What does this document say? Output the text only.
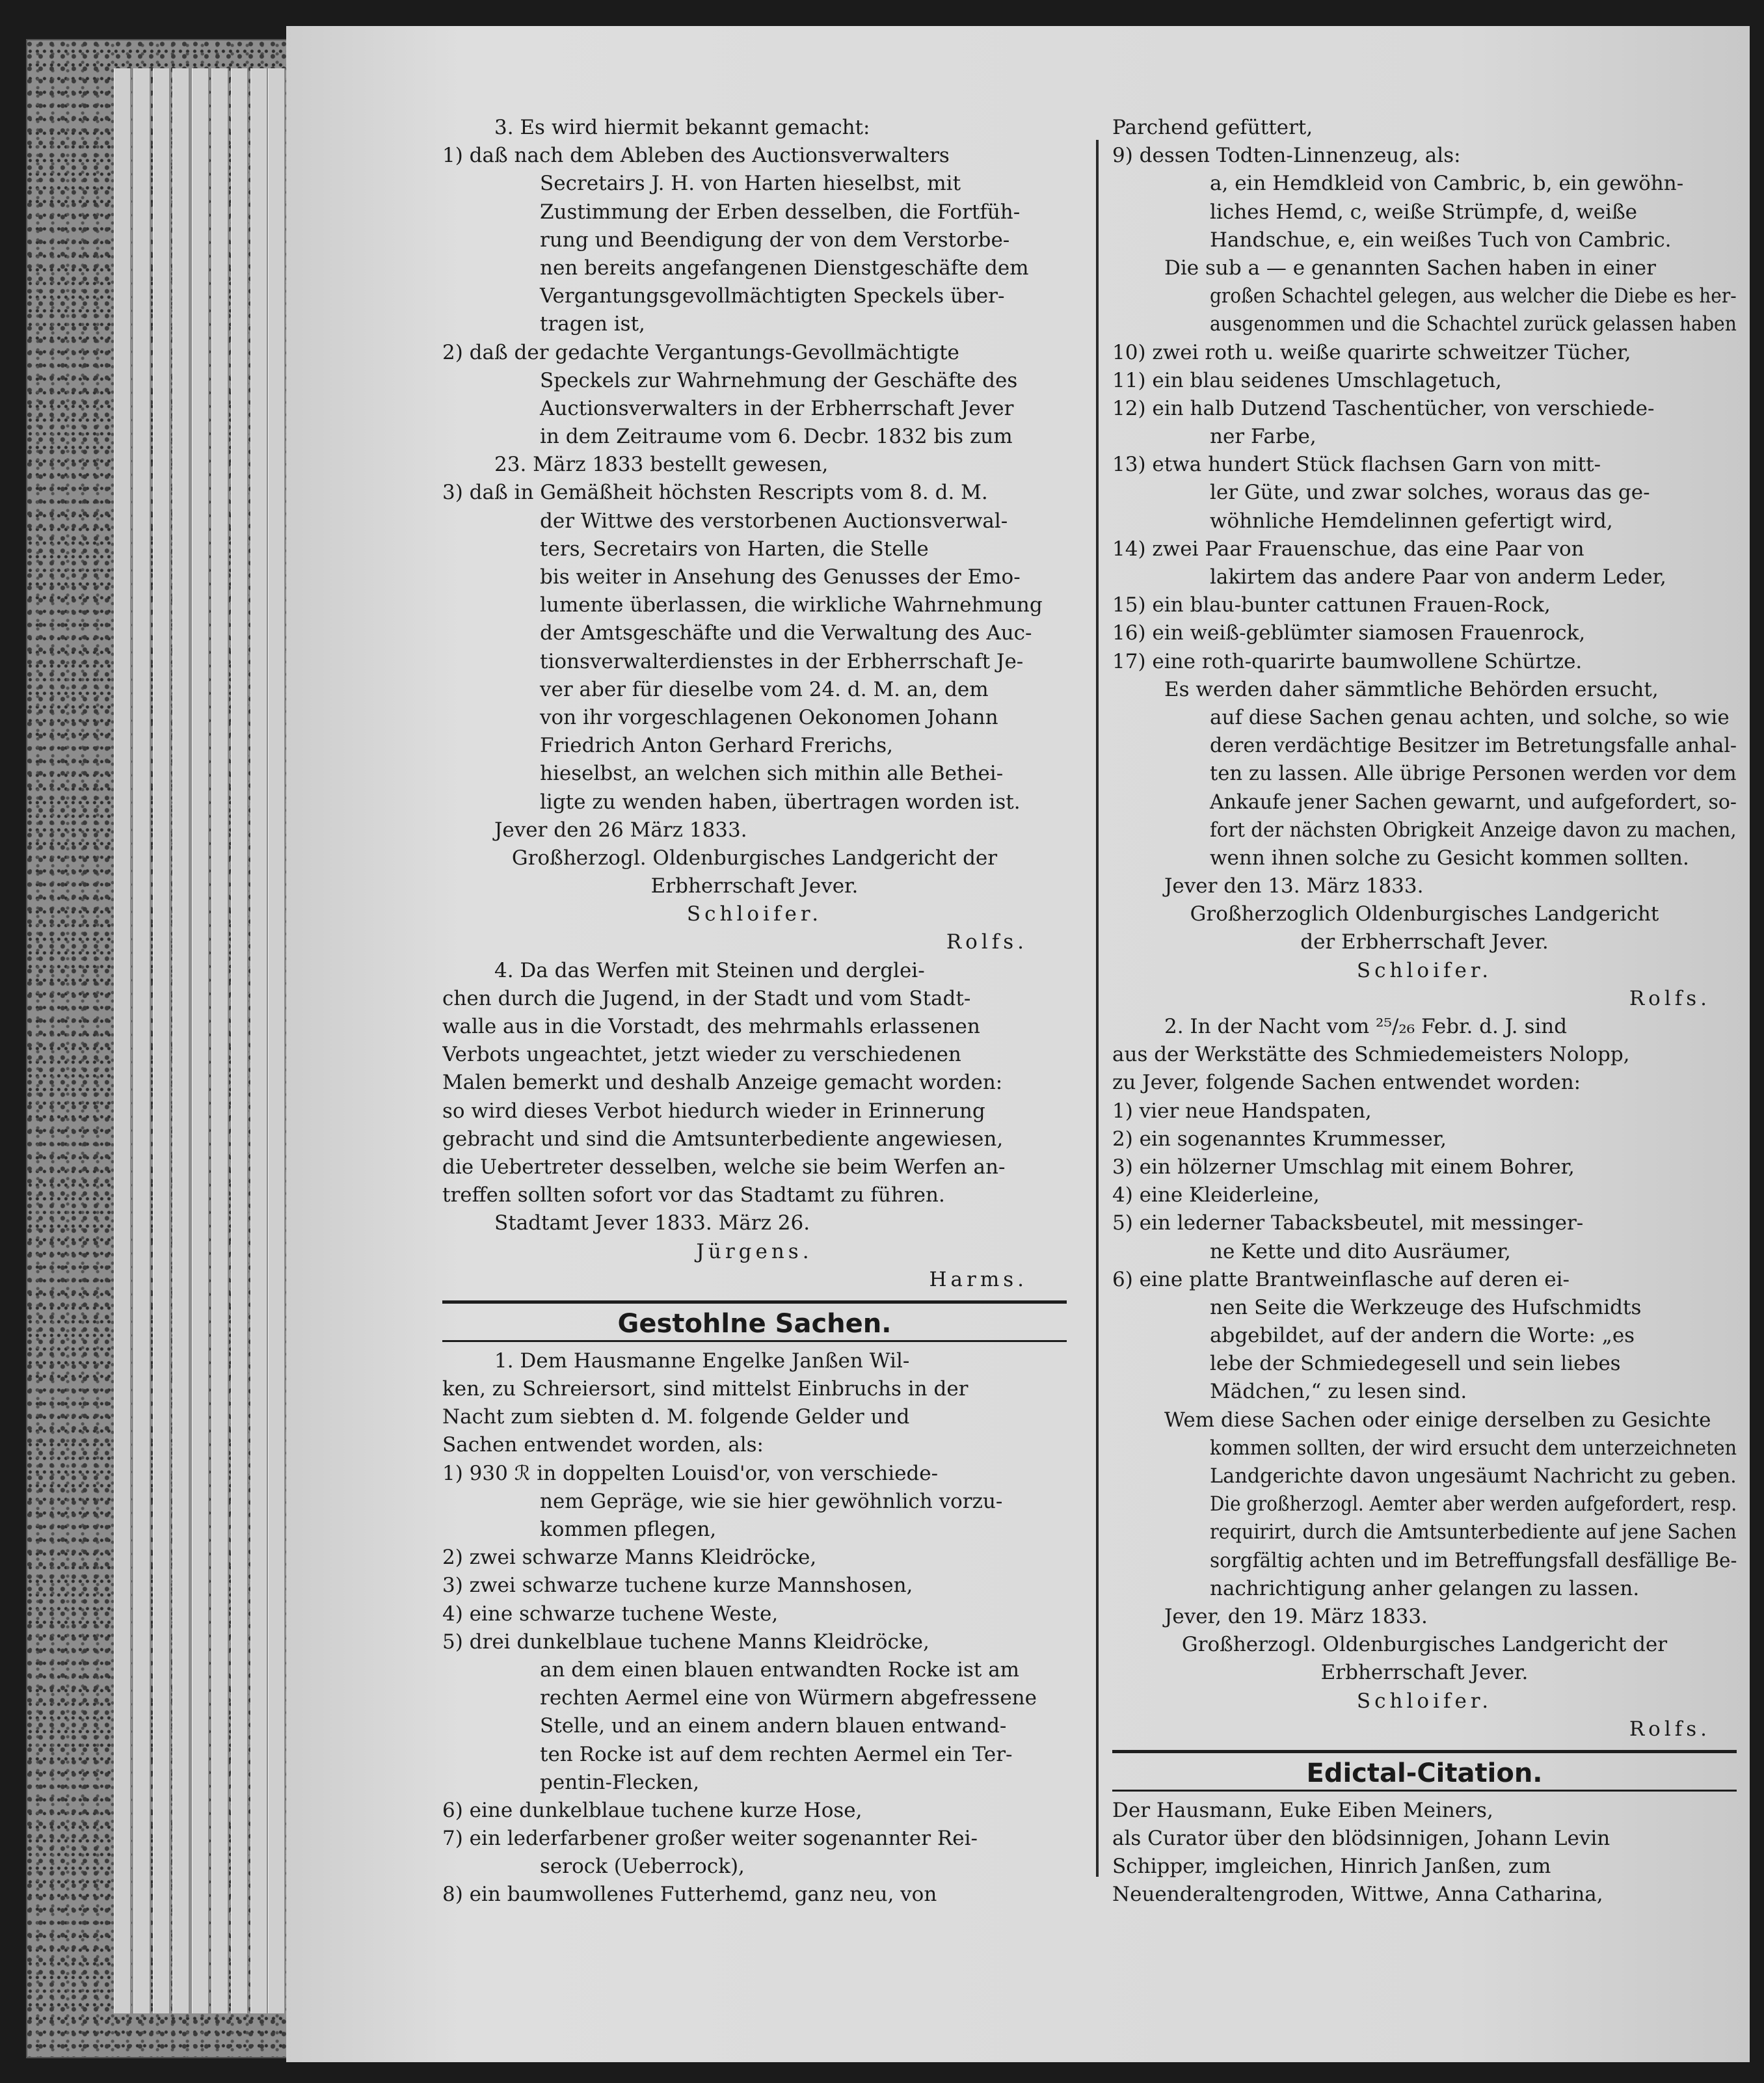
3. Es wird hiermit bekannt gemacht:
1) daß nach dem Ableben des Auctionsverwalters
Secretairs J. H. von Harten hieselbst, mit
Zustimmung der Erben desselben, die Fortfüh-
rung und Beendigung der von dem Verstorbe-
nen bereits angefangenen Dienstgeschäfte dem
Vergantungsgevollmächtigten Speckels über-
tragen ist,
2) daß der gedachte Vergantungs-Gevollmächtigte
Speckels zur Wahrnehmung der Geschäfte des
Auctionsverwalters in der Erbherrschaft Jever
in dem Zeitraume vom 6. Decbr. 1832 bis zum
23. März 1833 bestellt gewesen,
3) daß in Gemäßheit höchsten Rescripts vom 8. d. M.
der Wittwe des verstorbenen Auctionsverwal-
ters, Secretairs von Harten, die Stelle
bis weiter in Ansehung des Genusses der Emo-
lumente überlassen, die wirkliche Wahrnehmung
der Amtsgeschäfte und die Verwaltung des Auc-
tionsverwalterdienstes in der Erbherrschaft Je-
ver aber für dieselbe vom 24. d. M. an, dem
von ihr vorgeschlagenen Oekonomen Johann
Friedrich Anton Gerhard Frerichs,
hieselbst, an welchen sich mithin alle Bethei-
ligte zu wenden haben, übertragen worden ist.
Jever den 26 März 1833.
Großherzogl. Oldenburgisches Landgericht der
Erbherrschaft Jever.
Schloifer.
Rolfs.
4. Da das Werfen mit Steinen und derglei-
chen durch die Jugend, in der Stadt und vom Stadt-
walle aus in die Vorstadt, des mehrmahls erlassenen
Verbots ungeachtet, jetzt wieder zu verschiedenen
Malen bemerkt und deshalb Anzeige gemacht worden:
so wird dieses Verbot hiedurch wieder in Erinnerung
gebracht und sind die Amtsunterbediente angewiesen,
die Uebertreter desselben, welche sie beim Werfen an-
treffen sollten sofort vor das Stadtamt zu führen.
Stadtamt Jever 1833. März 26.
Jürgens.
Harms.
Gestohlne Sachen.
1. Dem Hausmanne Engelke Janßen Wil-
ken, zu Schreiersort, sind mittelst Einbruchs in der
Nacht zum siebten d. M. folgende Gelder und
Sachen entwendet worden, als:
1) 930 ℛ in doppelten Louisd'or, von verschiede-
nem Gepräge, wie sie hier gewöhnlich vorzu-
kommen pflegen,
2) zwei schwarze Manns Kleidröcke,
3) zwei schwarze tuchene kurze Mannshosen,
4) eine schwarze tuchene Weste,
5) drei dunkelblaue tuchene Manns Kleidröcke,
an dem einen blauen entwandten Rocke ist am
rechten Aermel eine von Würmern abgefressene
Stelle, und an einem andern blauen entwand-
ten Rocke ist auf dem rechten Aermel ein Ter-
pentin-Flecken,
6) eine dunkelblaue tuchene kurze Hose,
7) ein lederfarbener großer weiter sogenannter Rei-
serock (Ueberrock),
8) ein baumwollenes Futterhemd, ganz neu, von
Parchend gefüttert,
9) dessen Todten-Linnenzeug, als:
a, ein Hemdkleid von Cambric, b, ein gewöhn-
liches Hemd, c, weiße Strümpfe, d, weiße
Handschue, e, ein weißes Tuch von Cambric.
Die sub a — e genannten Sachen haben in einer
großen Schachtel gelegen, aus welcher die Diebe es her-
ausgenommen und die Schachtel zurück gelassen haben
10) zwei roth u. weiße quarirte schweitzer Tücher,
11) ein blau seidenes Umschlagetuch,
12) ein halb Dutzend Taschentücher, von verschiede-
ner Farbe,
13) etwa hundert Stück flachsen Garn von mitt-
ler Güte, und zwar solches, woraus das ge-
wöhnliche Hemdelinnen gefertigt wird,
14) zwei Paar Frauenschue, das eine Paar von
lakirtem das andere Paar von anderm Leder,
15) ein blau-bunter cattunen Frauen-Rock,
16) ein weiß-geblümter siamosen Frauenrock,
17) eine roth-quarirte baumwollene Schürtze.
Es werden daher sämmtliche Behörden ersucht,
auf diese Sachen genau achten, und solche, so wie
deren verdächtige Besitzer im Betretungsfalle anhal-
ten zu lassen. Alle übrige Personen werden vor dem
Ankaufe jener Sachen gewarnt, und aufgefordert, so-
fort der nächsten Obrigkeit Anzeige davon zu machen,
wenn ihnen solche zu Gesicht kommen sollten.
Jever den 13. März 1833.
Großherzoglich Oldenburgisches Landgericht
der Erbherrschaft Jever.
Schloifer.
Rolfs.
2. In der Nacht vom ²⁵/₂₆ Febr. d. J. sind
aus der Werkstätte des Schmiedemeisters Nolopp,
zu Jever, folgende Sachen entwendet worden:
1) vier neue Handspaten,
2) ein sogenanntes Krummesser,
3) ein hölzerner Umschlag mit einem Bohrer,
4) eine Kleiderleine,
5) ein lederner Tabacksbeutel, mit messinger-
ne Kette und dito Ausräumer,
6) eine platte Brantweinflasche auf deren ei-
nen Seite die Werkzeuge des Hufschmidts
abgebildet, auf der andern die Worte: „es
lebe der Schmiedegesell und sein liebes
Mädchen,“ zu lesen sind.
Wem diese Sachen oder einige derselben zu Gesichte
kommen sollten, der wird ersucht dem unterzeichneten
Landgerichte davon ungesäumt Nachricht zu geben.
Die großherzogl. Aemter aber werden aufgefordert, resp.
requirirt, durch die Amtsunterbediente auf jene Sachen
sorgfältig achten und im Betreffungsfall desfällige Be-
nachrichtigung anher gelangen zu lassen.
Jever, den 19. März 1833.
Großherzogl. Oldenburgisches Landgericht der
Erbherrschaft Jever.
Schloifer.
Rolfs.
Edictal-Citation.
Der Hausmann, Euke Eiben Meiners,
als Curator über den blödsinnigen, Johann Levin
Schipper, imgleichen, Hinrich Janßen, zum
Neuenderaltengroden, Wittwe, Anna Catharina,
